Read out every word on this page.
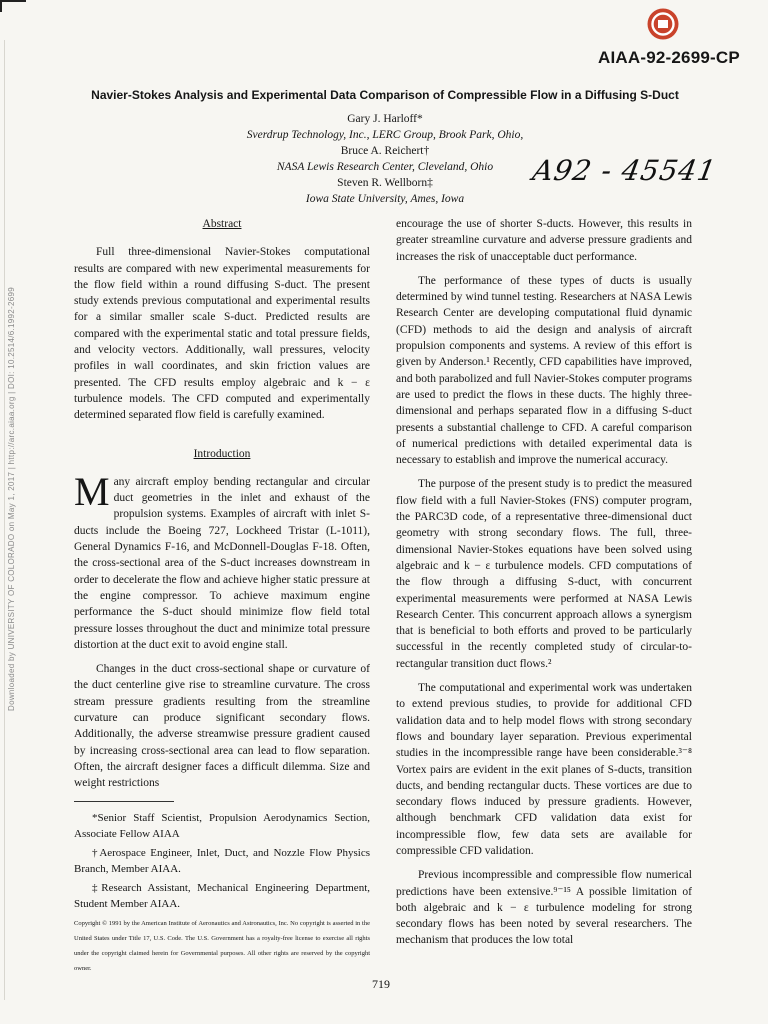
Downloaded by UNIVERSITY OF COLORADO on May 1, 2017 | http://arc.aiaa.org | DOI: 10.2514/6.1992-2699
AIAA-92-2699-CP
A92 - 45541
Navier-Stokes Analysis and Experimental Data Comparison of Compressible Flow in a Diffusing S-Duct
Gary J. Harloff*
Sverdrup Technology, Inc., LERC Group, Brook Park, Ohio,
Bruce A. Reichert†
NASA Lewis Research Center, Cleveland, Ohio
Steven R. Wellborn‡
Iowa State University, Ames, Iowa
Abstract

Full three-dimensional Navier-Stokes computational results are compared with new experimental measurements for the flow field within a round diffusing S-duct. The present study extends previous computational and experimental results for a similar smaller scale S-duct. Predicted results are compared with the experimental static and total pressure fields, and velocity vectors. Additionally, wall pressures, velocity profiles in wall coordinates, and skin friction values are presented. The CFD results employ algebraic and k − ε turbulence models. The CFD computed and experimentally determined separated flow field is carefully examined.

Introduction

Many aircraft employ bending rectangular and circular duct geometries in the inlet and exhaust of the propulsion systems. Examples of aircraft with inlet S-ducts include the Boeing 727, Lockheed Tristar (L-1011), General Dynamics F-16, and McDonnell-Douglas F-18. Often, the cross-sectional area of the S-duct increases downstream in order to decelerate the flow and achieve higher static pressure at the engine compressor. To achieve maximum engine performance the S-duct should minimize flow field total pressure losses throughout the duct and minimize total pressure distortion at the duct exit to avoid engine stall.

Changes in the duct cross-sectional shape or curvature of the duct centerline give rise to streamline curvature. The cross stream pressure gradients resulting from the streamline curvature can produce significant secondary flows. Additionally, the adverse streamwise pressure gradient caused by increasing cross-sectional area can lead to flow separation. Often, the aircraft designer faces a difficult dilemma. Size and weight restrictions

*Senior Staff Scientist, Propulsion Aerodynamics Section, Associate Fellow AIAA

†Aerospace Engineer, Inlet, Duct, and Nozzle Flow Physics Branch, Member AIAA.

‡Research Assistant, Mechanical Engineering Department, Student Member AIAA.

Copyright © 1991 by the American Institute of Aeronautics and Astronautics, Inc. No copyright is asserted in the United States under Title 17, U.S. Code. The U.S. Government has a royalty-free license to exercise all rights under the copyright claimed herein for Governmental purposes. All other rights are reserved by the copyright owner.

encourage the use of shorter S-ducts. However, this results in greater streamline curvature and adverse pressure gradients and increases the risk of unacceptable duct performance.

The performance of these types of ducts is usually determined by wind tunnel testing. Researchers at NASA Lewis Research Center are developing computational fluid dynamic (CFD) methods to aid the design and analysis of aircraft propulsion components and systems. A review of this effort is given by Anderson.¹ Recently, CFD capabilities have improved, and both parabolized and full Navier-Stokes computer programs are used to predict the flows in these ducts. The highly three-dimensional and perhaps separated flow in a diffusing S-duct presents a substantial challenge to CFD. A careful comparison of numerical predictions with detailed experimental data is necessary to establish and improve the numerical accuracy.

The purpose of the present study is to predict the measured flow field with a full Navier-Stokes (FNS) computer program, the PARC3D code, of a representative three-dimensional duct geometry with strong secondary flows. The full, three-dimensional Navier-Stokes equations have been solved using algebraic and k − ε turbulence models. CFD computations of the flow through a diffusing S-duct, with concurrent experimental measurements were performed at NASA Lewis Research Center. This concurrent approach allows a synergism that is beneficial to both efforts and proved to be particularly successful in the recently completed study of circular-to-rectangular transition duct flows.²

The computational and experimental work was undertaken to extend previous studies, to provide for additional CFD validation data and to help model flows with strong secondary flows and boundary layer separation. Previous experimental studies in the incompressible range have been considerable.³⁻⁸ Vortex pairs are evident in the exit planes of S-ducts, transition ducts, and bending rectangular ducts. These vortices are due to secondary flows induced by pressure gradients. However, although benchmark CFD validation data exist for incompressible flow, few data sets are available for compressible CFD validation.

Previous incompressible and compressible flow numerical predictions have been extensive.⁹⁻¹⁵ A possible limitation of both algebraic and k − ε turbulence modeling for strong secondary flows has been noted by several researchers. The mechanism that produces the low total

719
